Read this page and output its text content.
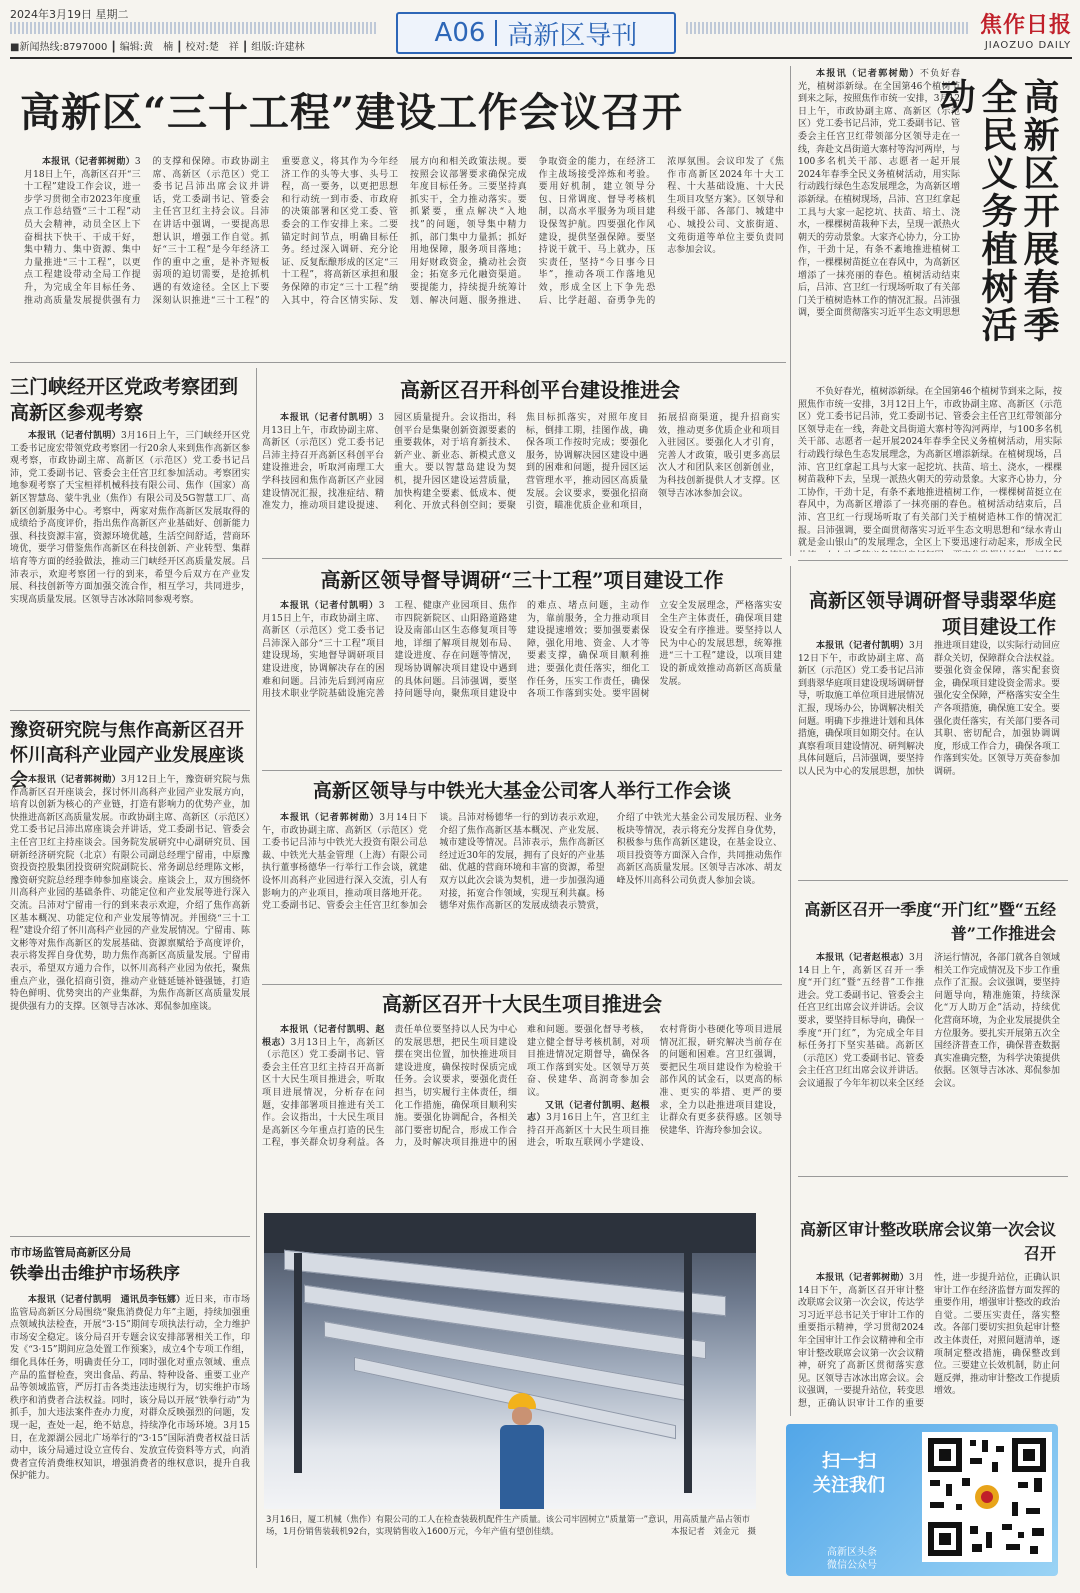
2024年3月19日 星期二
■新闻热线:8797000 ┃ 编辑:黄　楠 ┃ 校对:楚　祥 ┃ 组版:许建林	A06 高新区导刊	焦作日报
JIAOZUO DAILY
高新区“三十工程”建设工作会议召开

本报讯（记者郭树勋）3月18日上午，高新区召开“三十工程”建设工作会议，进一步学习贯彻全市2023年度重点工作总结暨“三十工程”动员大会精神，动员全区上下奋楫扶下快干、干成干好，集中精力、集中资源、集中力量推进“三十工程”，以更点工程建设带动全局工作提升，为完成全年目标任务、推动高质量发展提供强有力的支撑和保障。市政协副主席、高新区（示范区）党工委书记吕沛出席会议并讲话，党工委副书记、管委会主任宫卫红主持会议。吕沛在讲话中强调，一要提高思想认识，增强工作自觉。抓好“三十工程”是今年经济工作的重中之重，是补齐短板弱项的迫切需要，是抢抓机遇的有效途径。全区上下要深刻认识推进“三十工程”的重要意义，将其作为今年经济工作的头等大事、头号工程，高一要务，以更把思想和行动统一到市委、市政府的决策部署和区党工委、管委会的工作安排上来。二要锚定时间节点，明确目标任务。经过深入调研、充分论证、反复酝酿形成的区定“三十工程”，将高新区承担和服务保障的市定“三十工程”纳入其中，符合区情实际、发展方向和相关政策法规。要按照会议部署要求确保完成年度目标任务。三要坚持真抓实干，全力推动落实。要抓紧要，重点解决“入地找”的问题，领导集中精力抓，部门集中力量抓；抓好用地保障，服务项目落地；用好财政资金，撬动社会资金；拓宽多元化融资渠道。要提能力，持续提升统筹计划、解决问题、服务推进、争取资金的能力，在经济工作主战场接受淬炼和考验。要用好机制，建立领导分包、日常调度、督导考核机制，以高水平服务为项目建设保驾护航。四要强化作风建设，提供坚强保障。要坚持说干就干、马上就办，压实责任，坚持“今日事今日毕”，推动各项工作落地见效，形成全区上下争先恐后、比学赶超、奋勇争先的浓厚氛围。会议印发了《焦作市高新区2024年十大工程、十大基础设施、十大民生项目攻坚方案》。区领导和科级干部、各部门、城建中心、城投公司、文旅街道、文苑街道等单位主要负责同志参加会议。	高新区开展春季全民义务植树活动

本报讯（记者郭树勋）不负好春光，植树添新绿。在全国第46个植树节到来之际，按照焦作市统一安排，3月12日上午，市政协副主席、高新区（示范区）党工委书记吕沛，党工委副书记、管委会主任宫卫红带领部分区领导走在一线，奔赴文昌街道大寨村等沟河两岸，与100多名机关干部、志愿者一起开展2024年春季全民义务植树活动，用实际行动践行绿色生态发展理念，为高新区增添新绿。在植树现场，吕沛、宫卫红拿起工具与大家一起挖坑、扶苗、培土、浇水，一棵棵树苗栽种下去，呈现一派热火朝天的劳动景象。大家齐心协力，分工协作，干劲十足，有条不紊地推进植树工作，一棵棵树苗挺立在春风中，为高新区增添了一抹亮丽的春色。植树活动结束后，吕沛、宫卫红一行现场听取了有关部门关于植树造林工作的情况汇报。吕沛强调，要全面贯彻落实习近平生态文明思想

不负好春光，植树添新绿。在全国第46个植树节到来之际，按照焦作市统一安排，3月12日上午，市政协副主席、高新区（示范区）党工委书记吕沛，党工委副书记、管委会主任宫卫红带领部分区领导走在一线，奔赴文昌街道大寨村等沟河两岸，与100多名机关干部、志愿者一起开展2024年春季全民义务植树活动，用实际行动践行绿色生态发展理念，为高新区增添新绿。在植树现场，吕沛、宫卫红拿起工具与大家一起挖坑、扶苗、培土、浇水，一棵棵树苗栽种下去，呈现一派热火朝天的劳动景象。大家齐心协力，分工协作，干劲十足，有条不紊地推进植树工作，一棵棵树苗挺立在春风中，为高新区增添了一抹亮丽的春色。植树活动结束后，吕沛、宫卫红一行现场听取了有关部门关于植树造林工作的情况汇报。吕沛强调，要全面贯彻落实习近平生态文明思想和“绿水青山就是金山银山”的发展理念，全区上下要迅速行动起来，形成全民

三门峡经开区党政考察团到高新区参观考察

本报讯（记者付凯明）3月16日上午，三门峡经开区党工委书记庞宏带领党政考察团一行20余人来到焦作高新区参观考察，市政协副主席、高新区（示范区）党工委书记吕沛，党工委副书记、管委会主任宫卫红参加活动。考察团实地参观考察了天宝桓祥机械科技有限公司、焦作（国家）高新区智慧岛、蒙牛乳业（焦作）有限公司及5G智慧工厂、高新区创新服务中心。考察中，两家对焦作高新区发展取得的成绩给予高度评价，指出焦作高新区产业基础好、创新能力强、科技资源丰富，资源环境优越，生活空间舒适，营商环境优，要学习借鉴焦作高新区在科技创新、产业转型、集群培育等方面的经验做法，推动三门峡经开区高质量发展。吕沛表示，欢迎考察团一行的到来，希望今后双方在产业发展、科技创新等方面加强交流合作，相互学习，共同进步，实现高质量发展。区领导吉冰冰陪同参观考察。

豫资研究院与焦作高新区召开怀川高科产业园产业发展座谈会 本报讯（记者郭树勋）3月12日上午，豫资研究院与焦作高新区召开座谈会，探讨怀川高科产业园产业发展方向，培育以创新为核心的产业链，打造有影响力的优势产业，加快推进高新区高质量发展。市政协副主席、高新区（示范区）党工委书记吕沛出席座谈会并讲话，党工委副书记、管委会主任宫卫红主持座谈会。国务院发展研究中心副研究员、国研新经济研究院（北京）有限公司副总经理宁留甫，中原豫资投资控股集团投资研究院副院长、常务副总经理陈文彬，豫资研究院总经理李帅参加座谈会。座谈会上，双方围绕怀川高科产业园的基础条件、功能定位和产业发展等进行深入交流。吕沛对宁留甫一行的到来表示欢迎，介绍了焦作高新区基本概况、功能定位和产业发展等情况。并围绕“三十工程”建设介绍了怀川高科产业园的产业发展情况。宁留甫、陈文彬等对焦作高新区的发展基础、资源禀赋给予高度评价，表示将发挥自身优势，助力焦作高新区高质量发展。宁留甫表示，希望双方通力合作，以怀川高科产业园为依托，聚焦重点产业，强化招商引资，推动产业链延链补链强链，打造特色鲜明、优势突出的产业集群，为焦作高新区高质量发展提供强有力的支撑。区领导吉冰冰、郑侃参加座谈。

市市场监管局高新区分局
铁拳出击维护市场秩序

本报讯（记者付凯明　通讯员李钰娜）近日来，市市场监管局高新区分局围绕“聚焦消费促力年”主题，持续加强重点领域执法检查，开展“3·15”期间专项执法行动，全力维护市场安全稳定。该分局召开专题会议安排部署相关工作，印发《“3·15”期间应急处置工作预案》，成立4个专项工作组，细化具体任务，明确责任分工，同时强化对重点领域、重点产品的监督检查，突出食品、药品、特种设备、重要工业产品等领域监管，严厉打击各类违法违规行为，切实维护市场秩序和消费者合法权益。同时，该分局以开展“铁拳行动”为抓手，加大违法案件查办力度，对群众反映强烈的问题，发现一起，查处一起，绝不姑息，持续净化市场环境。3月15日，在龙源湖公园北广场举行的“3·15”国际消费者权益日活动中，该分局通过设立宣传台、发放宣传资料等方式，向消费者宣传消费维权知识，增强消费者的维权意识，提升自我保护能力。

高新区召开科创平台建设推进会

本报讯（记者付凯明）3月13日上午，市政协副主席、高新区（示范区）党工委书记吕沛主持召开高新区科创平台建设推进会，听取河南理工大学科技园和焦作高新区产业园建设情况汇报，找准症结、精准发力，推动项目建设提速、园区质量提升。会议指出，科创平台是集聚创新资源要素的重要载体，对于培育新技术、新产业、新业态、新模式意义重大。要以智慧岛建设为契机，提升园区建设运营质量，加快构建全要素、低成本、便利化、开放式科创空间；要聚焦目标抓落实，对照年度目标，倒排工期，挂图作战，确保各项工作按时完成；要强化服务，协调解决园区建设中遇到的困难和问题，提升园区运营管理水平，推动园区高质量发展。会议要求，要强化招商引资，瞄准优质企业和项目，拓展招商渠道，提升招商实效，推动更多优质企业和项目入驻园区。要强化人才引育，完善人才政策，吸引更多高层次人才和团队来区创新创业，为科技创新提供人才支撑。区领导吉冰冰参加会议。

高新区领导督导调研“三十工程”项目建设工作

本报讯（记者付凯明）3月15日上午，市政协副主席、高新区（示范区）党工委书记吕沛深入部分“三十工程”项目建设现场，实地督导调研项目建设进度，协调解决存在的困难和问题。吕沛先后到河南应用技术职业学院基础设施完善工程、健康产业园项目、焦作市四院新院区、山阳路道路建设及南部山区生态修复项目等地，详细了解项目规划布局、建设进度、存在问题等情况，现场协调解决项目建设中遇到的具体问题。吕沛强调，要坚持问题导向，聚焦项目建设中的难点、堵点问题，主动作为，靠前服务，全力推动项目建设提速增效；要加强要素保障，强化用地、资金、人才等要素支撑，确保项目顺利推进；要强化责任落实，细化工作任务，压实工作责任，确保各项工作落到实处。要牢固树立安全发展理念，严格落实安全生产主体责任，确保项目建设安全有序推进。要坚持以人民为中心的发展思想，统筹推进“三十工程”建设，以项目建设的新成效推动高新区高质量发展。

高新区领导与中铁光大基金公司客人举行工作会谈

本报讯（记者郭树勋）3月14日下午，市政协副主席、高新区（示范区）党工委书记吕沛与中铁光大投资有限公司总裁、中铁光大基金管理（上海）有限公司执行董事杨德华一行举行工作会谈，就建设怀川高科产业园进行深入交流，引人有影响力的产业项目，推动项目落地开花。党工委副书记、管委会主任宫卫红参加会谈。吕沛对杨德华一行的到访表示欢迎，介绍了焦作高新区基本概况、产业发展、城市建设等情况。吕沛表示，焦作高新区经过近30年的发展，拥有了良好的产业基础、优越的营商环境和丰富的资源，希望双方以此次会谈为契机，进一步加强沟通对接，拓宽合作领域，实现互利共赢。杨德华对焦作高新区的发展成绩表示赞赏，介绍了中铁光大基金公司发展历程、业务板块等情况，表示将充分发挥自身优势，积极参与焦作高新区建设，在基金设立、项目投资等方面深入合作，共同推动焦作高新区高质量发展。区领导吉冰冰、胡友峰及怀川高科公司负责人参加会谈。

高新区召开十大民生项目推进会

本报讯（记者付凯明、赵根志）3月13日上午，高新区（示范区）党工委副书记、管委会主任宫卫红主持召开高新区十大民生项目推进会，听取项目进展情况，分析存在问题，安排部署项目推进有关工作。会议指出，十大民生项目是高新区今年重点打造的民生工程，事关群众切身利益。各责任单位要坚持以人民为中心的发展思想，把民生项目建设摆在突出位置，加快推进项目建设进度，确保按时保质完成任务。会议要求，要强化责任担当，切实履行主体责任，细化工作措施，确保项目顺利实施。要强化协调配合，各相关部门要密切配合，形成工作合力，及时解决项目推进中的困难和问题。要强化督导考核，建立健全督导考核机制，对项目推进情况定期督导，确保各项工作落到实处。区领导万英奋、侯建华、高润奇参加会议。

又讯（记者付凯明、赵根志）3月16日上午，宫卫红主持召开高新区十大民生项目推进会，听取互联网小学建设、农村背街小巷硬化等项目进展情况汇报，研究解决当前存在的问题和困难。宫卫红强调，要把民生项目建设作为检验干部作风的试金石，以更高的标准、更实的举措、更严的要求，全力以赴推进项目建设，让群众有更多获得感。区领导侯建华、许海玲参加会议。

3月16日，厦工机械（焦作）有限公司的工人在检查装载机配件生产质量。该公司牢固树立“质量第一”意识，用高质量产品占领市场，1月份销售装载机92台，实现销售收入1600万元，今年产值有望创佳绩。	本报记者　刘金元　摄
高新区领导调研督导翡翠华庭项目建设工作

本报讯（记者付凯明）3月12日下午，市政协副主席、高新区（示范区）党工委书记吕沛到翡翠华庭项目建设现场调研督导，听取施工单位项目进展情况汇报，现场办公，协调解决相关问题。明确下步推进计划和具体措施，确保项目如期交付。在认真察看项目建设情况、研判解决具体问题后，吕沛强调，要坚持以人民为中心的发展思想，加快推进项目建设，以实际行动回应群众关切，保障群众合法权益。要强化资金保障，落实配套资金，确保项目建设资金需求。要强化安全保障，严格落实安全生产各项措施，确保施工安全。要强化责任落实，有关部门要各司其职、密切配合，加强协调调度，形成工作合力，确保各项工作落到实处。区领导万英奋参加调研。

高新区召开一季度“开门红”暨“五经普”工作推进会

本报讯（记者赵根志）3月14日上午，高新区召开一季度“开门红”暨“五经普”工作推进会。党工委副书记、管委会主任宫卫红出席会议并讲话。会议要求，要坚持目标导向，确保一季度“开门红”，为完成全年目标任务打下坚实基础。高新区（示范区）党工委副书记、管委会主任宫卫红出席会议并讲话。会议通报了今年年初以来全区经济运行情况，各部门就各自领域相关工作完成情况及下步工作重点作了汇报。会议强调，要坚持问题导向，精准施策，持续深化“万人助万企”活动，持续优化营商环境，为企业发展提供全方位服务。要扎实开展第五次全国经济普查工作，确保普查数据真实准确完整，为科学决策提供依据。区领导吉冰冰、郑侃参加会议。

高新区审计整改联席会议第一次会议召开

本报讯（记者郭树勋）3月14日下午，高新区召开审计整改联席会议第一次会议，传达学习习近平总书记关于审计工作的重要指示精神，学习贯彻2024年全国审计工作会议精神和全市审计整改联席会议第一次会议精神，研究了高新区贯彻落实意见。区领导吉冰冰出席会议。会议强调，一要提升站位，转变思想，正确认识审计工作的重要性，进一步提升站位，正确认识审计工作在经济监督方面发挥的重要作用，增强审计整改的政治自觉。二要压实责任，落实整改。各部门要切实担负起审计整改主体责任，对照问题清单，逐项制定整改措施，确保整改到位。三要建立长效机制，防止问题反弹，推动审计整改工作提质增效。

扫一扫
关注我们
高新区头条
微信公众号
